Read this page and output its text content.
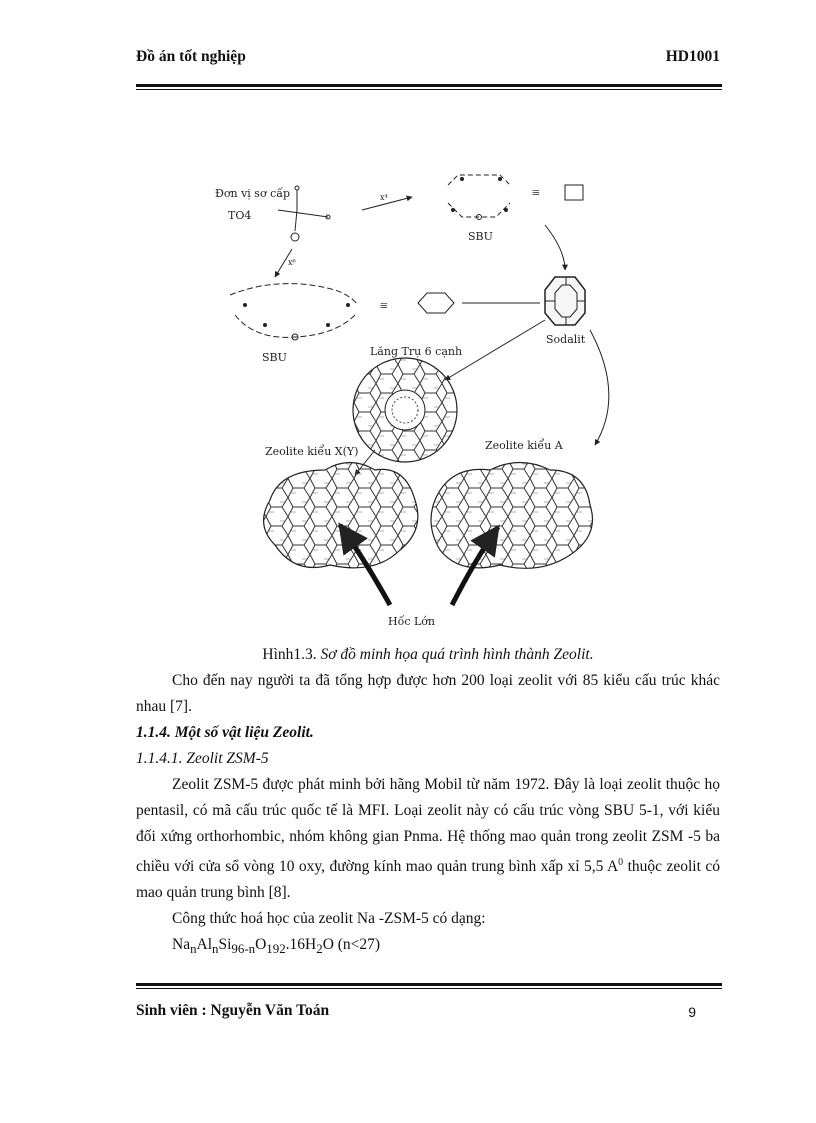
Đồ án tốt nghiệp	HD1001
Đơn vị sơ cấp
TO4
x⁴
SBU
≡
x⁶
SBU
≡
Sodalit
Lăng Trụ 6 cạnh
Zeolite kiểu X(Y)	Zeolite kiểu A
Hốc Lớn
Hình1.3. Sơ đồ minh họa quá trình hình thành Zeolit.

Cho đến nay người ta đã tổng hợp được hơn 200 loại zeolit với 85 kiểu cấu trúc khác nhau [7].

1.1.4. Một số vật liệu Zeolit.

1.1.4.1. Zeolit ZSM-5

Zeolit ZSM-5 được phát minh bởi hãng Mobil từ năm 1972. Đây là loại zeolit thuộc họ pentasil, có mã cấu trúc quốc tế là MFI. Loại zeolit này có cấu trúc vòng SBU 5-1, với kiểu đối xứng orthorhombic, nhóm không gian Pnma. Hệ thống mao quản trong zeolit ZSM -5 ba chiều với cửa sổ vòng 10 oxy, đường kính mao quản trung bình xấp xỉ 5,5 $A^0$ thuộc zeolit có mao quản trung bình [8].

Công thức hoá học của zeolit Na -ZSM-5 có dạng:

$Na_nAl_nSi_{96-n}O_{192}.16H_2O$ (n<27)

Sinh viên : Nguyễn Văn Toán	9
